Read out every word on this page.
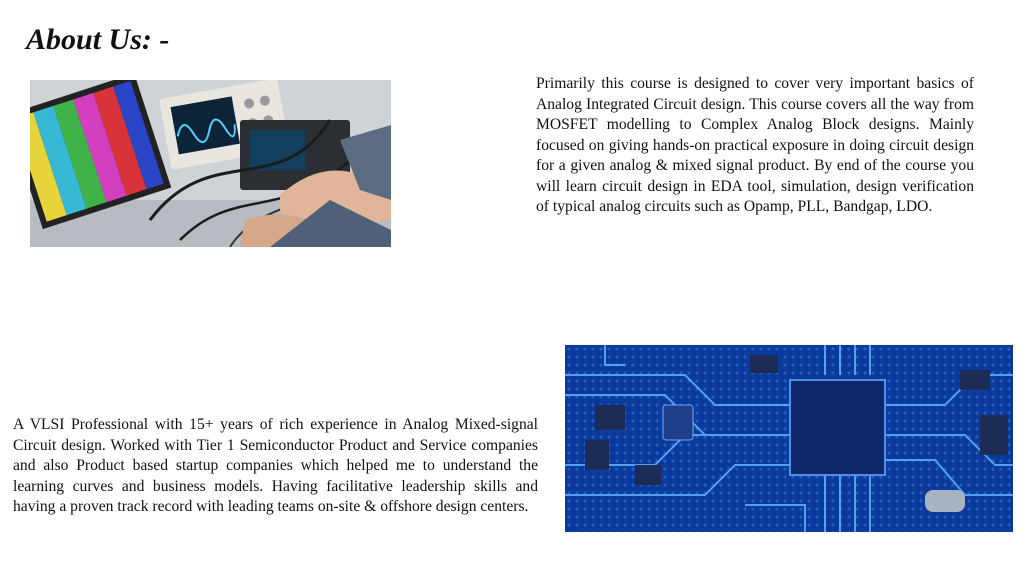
About Us: -

Primarily this course is designed to cover very important basics of Analog Integrated Circuit design. This course covers all the way from MOSFET modelling to Complex Analog Block designs. Mainly focused on giving hands-on practical exposure in doing circuit design for a given analog & mixed signal product. By end of the course you will learn circuit design in EDA tool, simulation, design verification of typical analog circuits such as Opamp, PLL, Bandgap, LDO.

A VLSI Professional with 15+ years of rich experience in Analog Mixed-signal Circuit design. Worked with Tier 1 Semiconductor Product and Service companies and also Product based startup companies which helped me to understand the learning curves and business models. Having facilitative leadership skills and having a proven track record with leading teams on-site & offshore design centers.
